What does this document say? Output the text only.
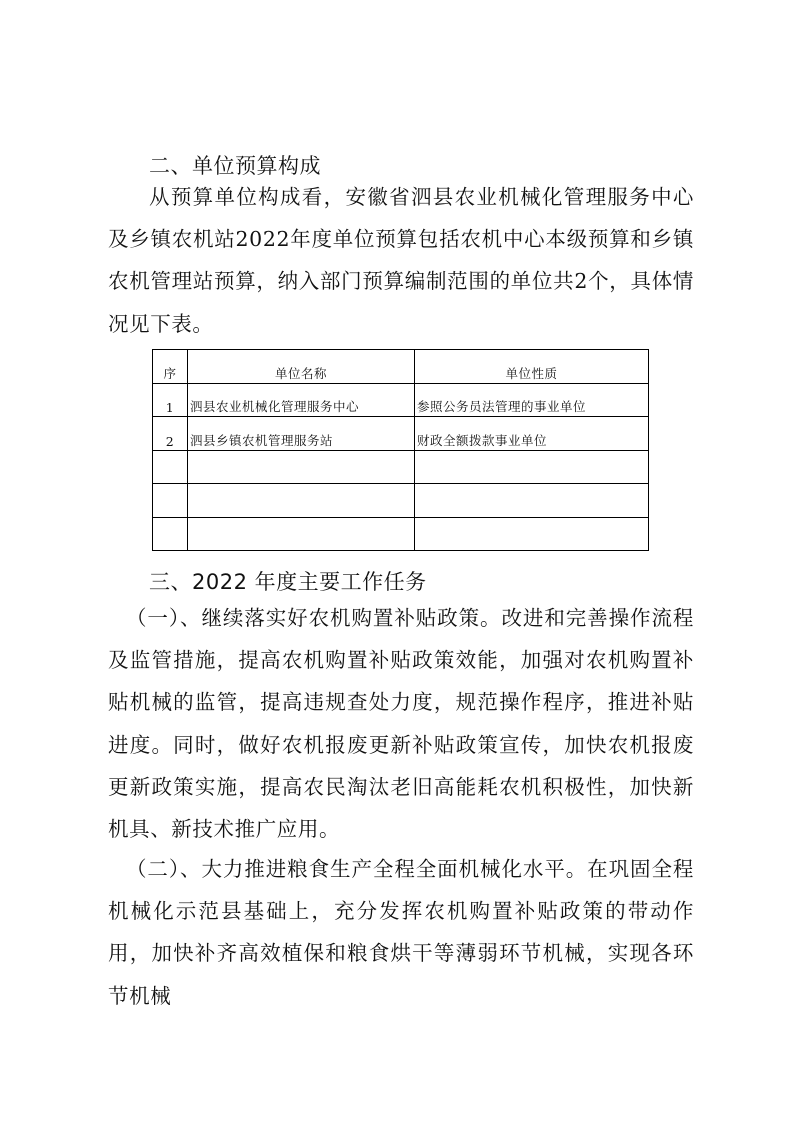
二、单位预算构成

从预算单位构成看，安徽省泗县农业机械化管理服务中心及乡镇农机站2022年度单位预算包括农机中心本级预算和乡镇农机管理站预算，纳入部门预算编制范围的单位共2个，具体情况见下表。

序	单位名称	单位性质
1	泗县农业机械化管理服务中心	参照公务员法管理的事业单位
2	泗县乡镇农机管理服务站	财政全额拨款事业单位

三、2022 年度主要工作任务

（一）、继续落实好农机购置补贴政策。改进和完善操作流程及监管措施，提高农机购置补贴政策效能，加强对农机购置补贴机械的监管，提高违规查处力度，规范操作程序，推进补贴进度。同时，做好农机报废更新补贴政策宣传，加快农机报废更新政策实施，提高农民淘汰老旧高能耗农机积极性，加快新机具、新技术推广应用。

（二）、大力推进粮食生产全程全面机械化水平。在巩固全程机械化示范县基础上，充分发挥农机购置补贴政策的带动作用，加快补齐高效植保和粮食烘干等薄弱环节机械，实现各环节机械
